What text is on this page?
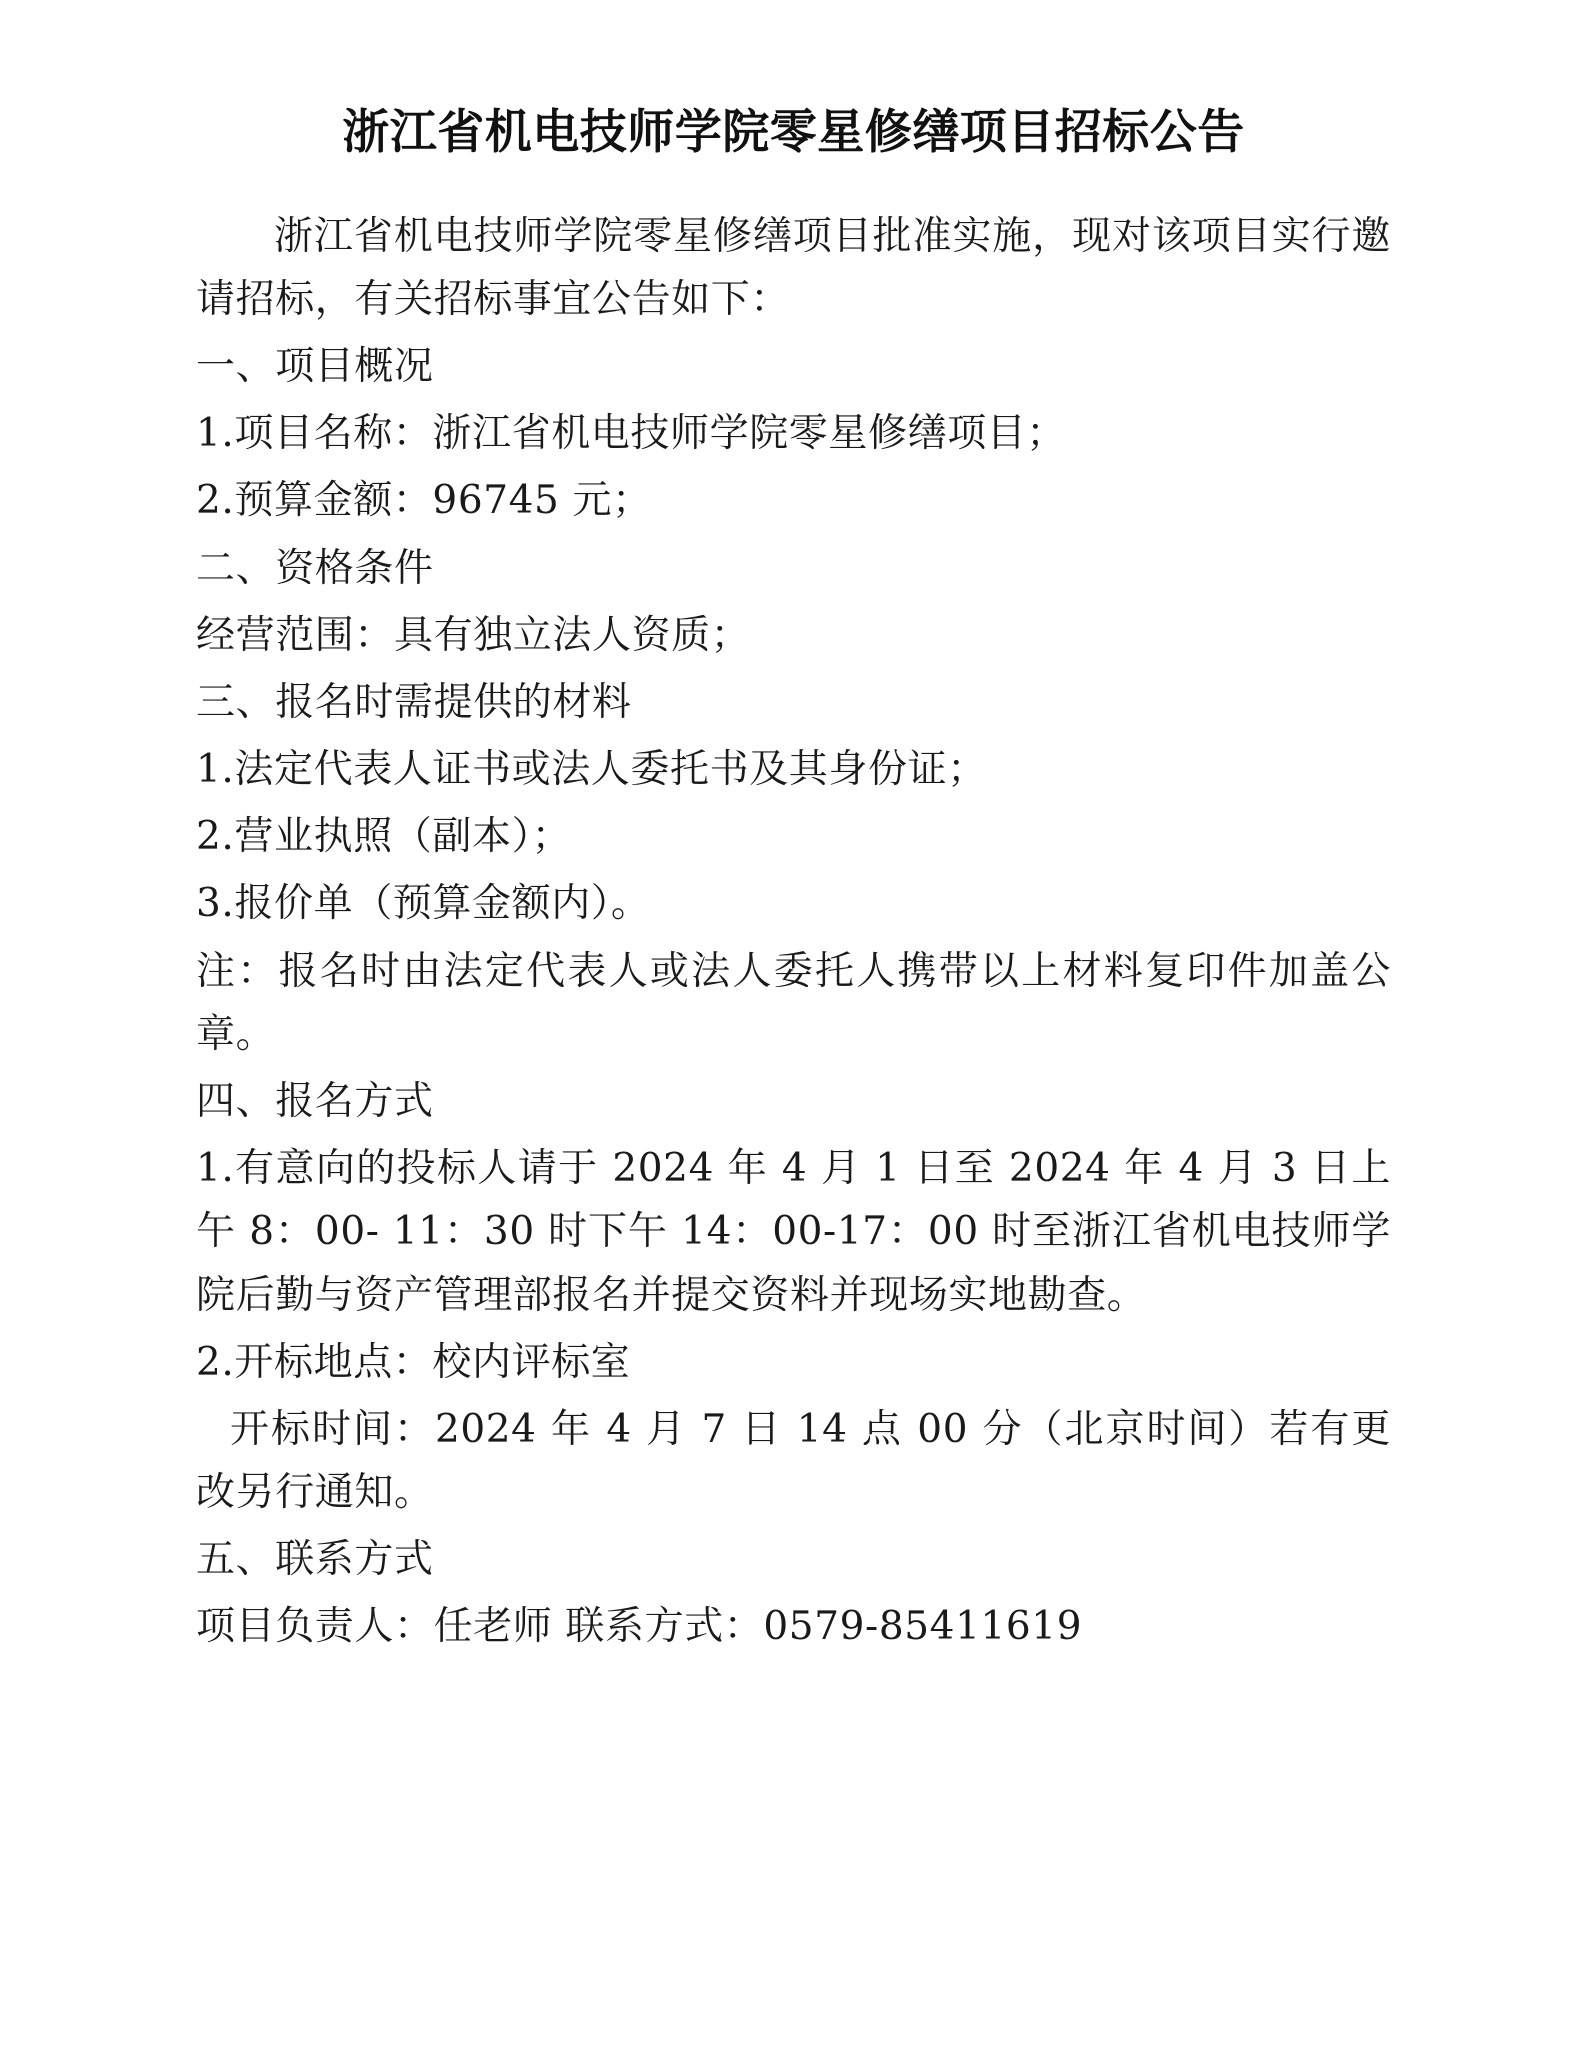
浙江省机电技师学院零星修缮项目招标公告

浙江省机电技师学院零星修缮项目批准实施，现对该项目实行邀请招标，有关招标事宜公告如下：

一、项目概况

1.项目名称：浙江省机电技师学院零星修缮项目；

2.预算金额：96745 元；

二、资格条件

经营范围：具有独立法人资质；

三、报名时需提供的材料

1.法定代表人证书或法人委托书及其身份证；

2.营业执照（副本）；

3.报价单（预算金额内）。

注：报名时由法定代表人或法人委托人携带以上材料复印件加盖公章。

四、报名方式

1.有意向的投标人请于 2024 年 4 月 1 日至 2024 年 4 月 3 日上午 8：00- 11：30 时下午 14：00-17：00 时至浙江省机电技师学院后勤与资产管理部报名并提交资料并现场实地勘查。

2.开标地点：校内评标室

开标时间：2024 年 4 月 7 日 14 点 00 分（北京时间）若有更改另行通知。

五、联系方式

项目负责人：任老师 联系方式：0579-85411619
